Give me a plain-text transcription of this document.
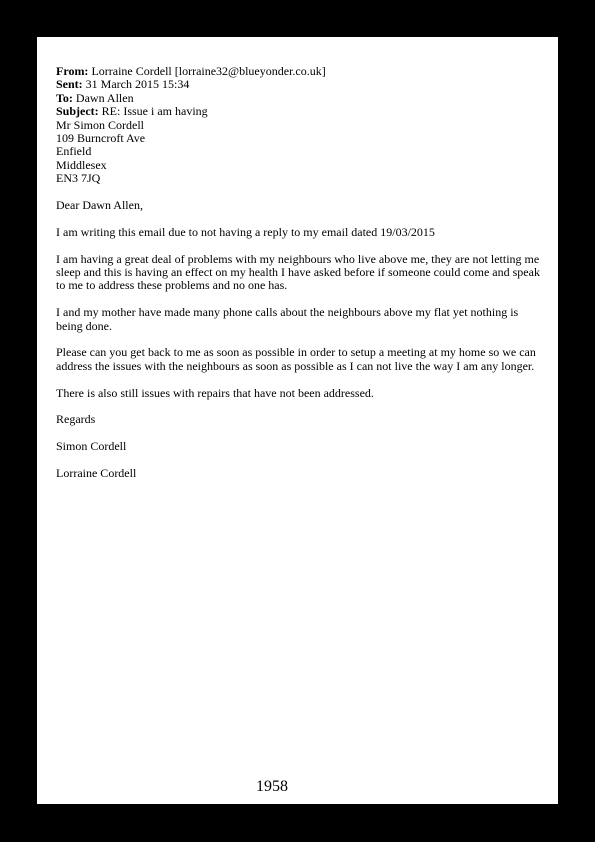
From: Lorraine Cordell [lorraine32@blueyonder.co.uk]

Sent: 31 March 2015 15:34

To: Dawn Allen

Subject: RE: Issue i am having

Mr Simon Cordell

109 Burncroft Ave

Enfield

Middlesex

EN3 7JQ

Dear Dawn Allen,

I am writing this email due to not having a reply to my email dated 19/03/2015

I am having a great deal of problems with my neighbours who live above me, they are not letting me sleep and this is having an effect on my health I have asked before if someone could come and speak to me to address these problems and no one has.

I and my mother have made many phone calls about the neighbours above my flat yet nothing is being done.

Please can you get back to me as soon as possible in order to setup a meeting at my home so we can address the issues with the neighbours as soon as possible as I can not live the way I am any longer.

There is also still issues with repairs that have not been addressed.

Regards

Simon Cordell

Lorraine Cordell

1958
